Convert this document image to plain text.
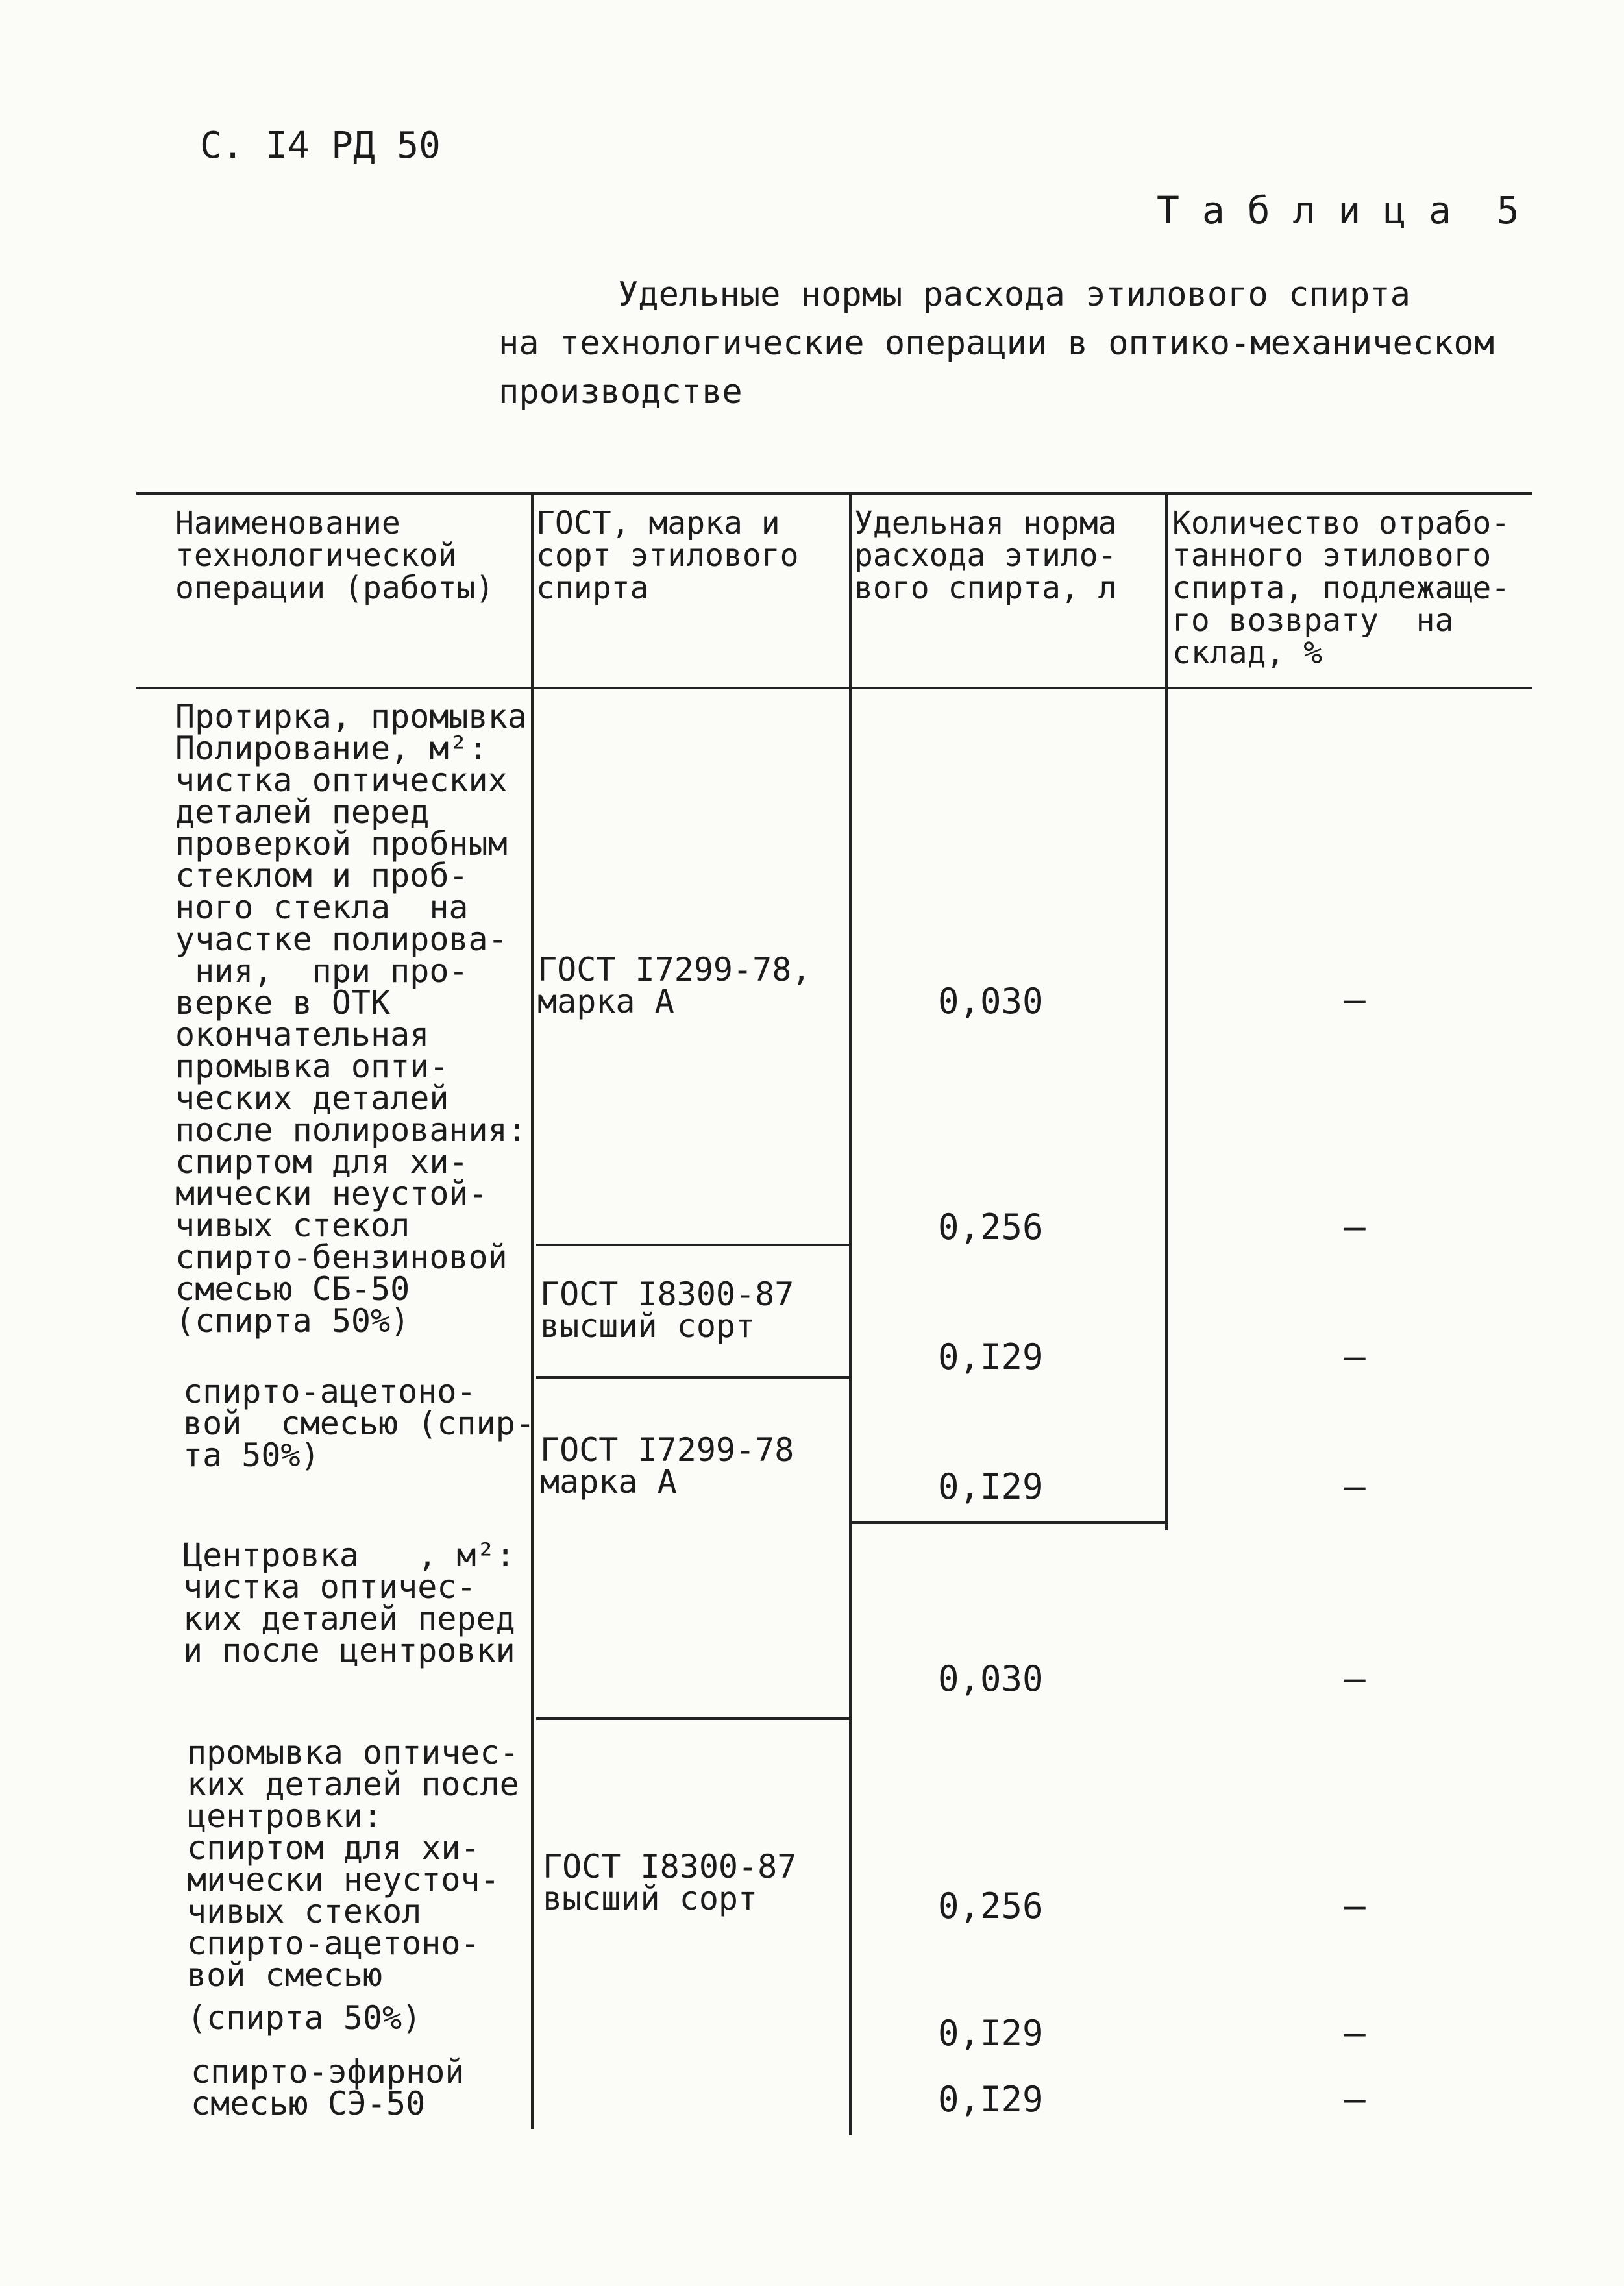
С. I4 РД 50
Т а б л и ц а  5
Удельные нормы расхода этилового спирта
на технологические операции в оптико-механическом
производстве
Наименование
технологической
операции (работы)
ГОСТ, марка и
сорт этилового
спирта
Удельная норма
расхода этило-
вого спирта, л
Количество отрабо-
танного этилового
спирта, подлежаще-
го возврату  на
склад, %
Протирка, промывка
Полирование, м²:
чистка оптических
деталей перед
проверкой пробным
стеклом и проб-
ного стекла  на
участке полирова-
ния,  при про-
верке в ОТК
окончательная
промывка опти-
ческих деталей
после полирования:
спиртом для хи-
мически неустой-
чивых стекол
спирто-бензиновой
смесью СБ-50
(спирта 50%)
спирто-ацетоно-
вой  смесью (спир-
та 50%)
Центровка   , м²:
чистка оптичес-
ких деталей перед
и после центровки
промывка оптичес-
ких деталей после
центровки:
спиртом для хи-
мически неусточ-
чивых стекол
спирто-ацетоно-
вой смесью
(спирта 50%)
спирто-эфирной
смесью СЭ-50
ГОСТ I7299-78,
марка А
ГОСТ I8300-87
высший сорт
ГОСТ I7299-78
марка А
ГОСТ I8300-87
высший сорт
0,030
0,256
0,I29
0,I29
0,030
0,256
0,I29
0,I29
—
—
—
—
—
—
—
—
